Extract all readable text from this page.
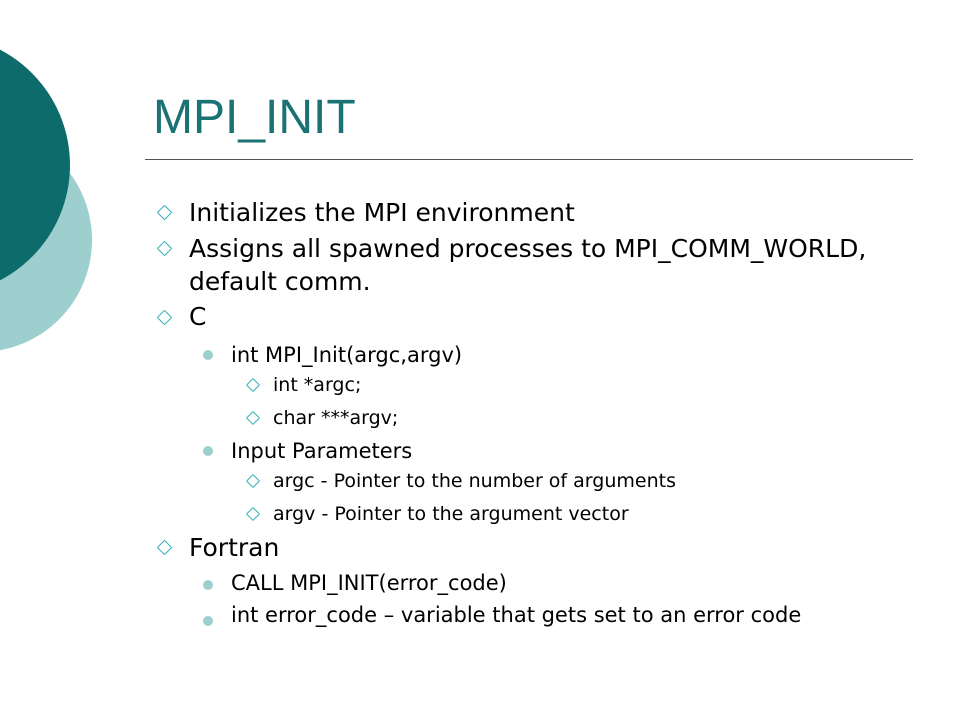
MPI_INIT
Initializes the MPI environment
Assigns all spawned processes to MPI_COMM_WORLD, default comm.
C
int MPI_Init(argc,argv)
int *argc;
char ***argv;
Input Parameters
argc - Pointer to the number of arguments
argv - Pointer to the argument vector
Fortran
CALL MPI_INIT(error_code)
int error_code – variable that gets set to an error code
